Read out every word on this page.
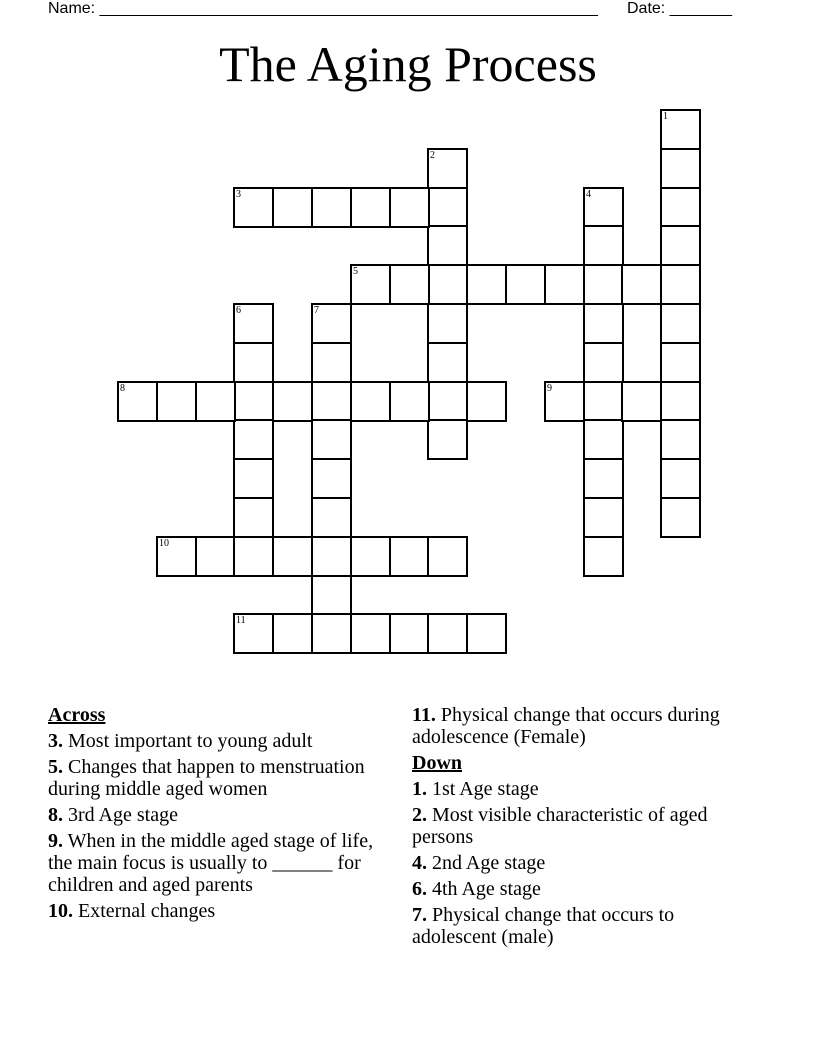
Name: ________________________________________________________ Date: _______
The Aging Process
1
2
3	4
5
6	7
8	9
10
11
Across
3. Most important to young adult
5. Changes that happen to menstruation during middle aged women
8. 3rd Age stage
9. When in the middle aged stage of life, the main focus is usually to ______ for children and aged parents
10. External changes
11. Physical change that occurs during adolescence (Female)
Down
1. 1st Age stage
2. Most visible characteristic of aged persons
4. 2nd Age stage
6. 4th Age stage
7. Physical change that occurs to adolescent (male)
